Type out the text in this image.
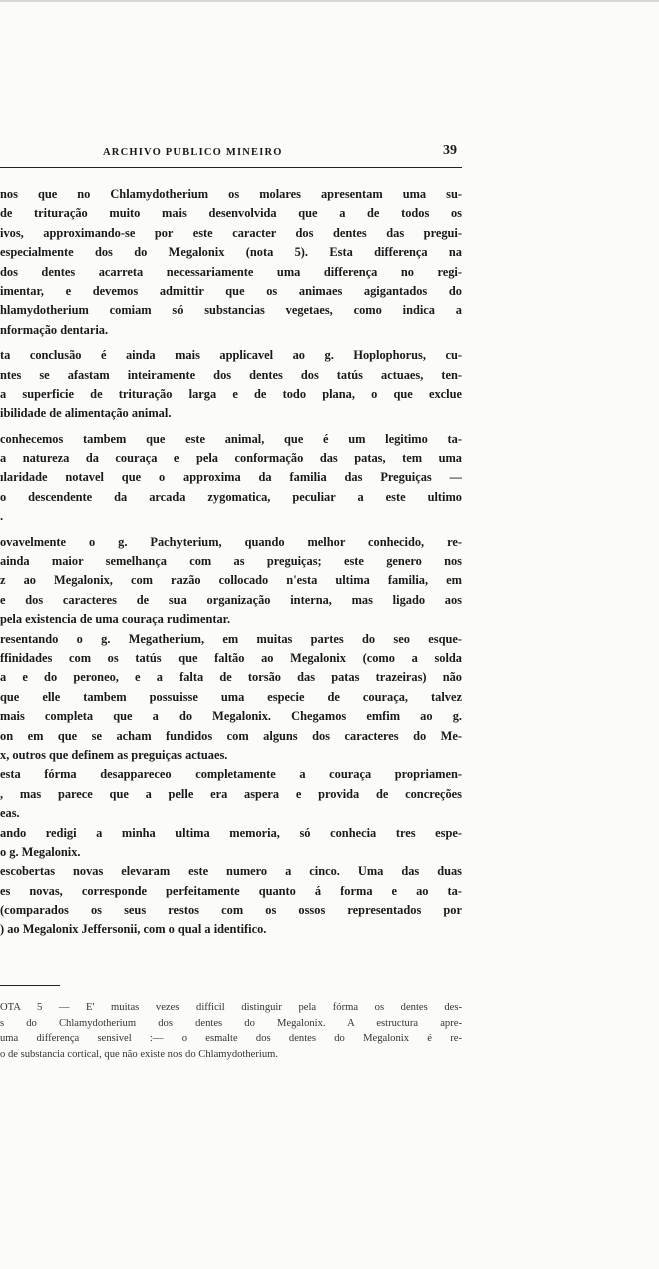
ARCHIVO PUBLICO MINEIRO	39
nos que no Chlamydotherium os molares apresentam uma su-
de trituração muito mais desenvolvida que a de todos os
ivos, approximando-se por este caracter dos dentes das pregui-
especialmente dos do Megalonix (nota 5). Esta differença na
dos dentes acarreta necessariamente uma differença no regi-
imentar, e devemos admittir que os animaes agigantados do
hlamydotherium comiam só substancias vegetaes, como indica a
nformação dentaria.
ta conclusão é ainda mais applicavel ao g. Hoplophorus, cu-
ntes se afastam inteiramente dos dentes dos tatús actuaes, ten-
a superficie de trituração larga e de todo plana, o que exclue
ibilidade de alimentação animal.
conhecemos tambem que este animal, que é um legitimo ta-
a natureza da couraça e pela conformação das patas, tem uma
ılaridade notavel que o approxima da familia das Preguiças —
o descendente da arcada zygomatica, peculiar a este ultimo
.
ovavelmente o g. Pachyterium, quando melhor conhecido, re-
ainda maior semelhança com as preguiças; este genero nos
z ao Megalonix, com razão collocado n'esta ultima familia, em
e dos caracteres de sua organização interna, mas ligado aos
pela existencia de uma couraça rudimentar.
resentando o g. Megatherium, em muitas partes do seo esque-
ffinidades com os tatús que faltão ao Megalonix (como a solda
a e do peroneo, e a falta de torsão das patas trazeiras) não
que elle tambem possuisse uma especie de couraça, talvez
mais completa que a do Megalonix. Chegamos emfim ao g.
on em que se acham fundidos com alguns dos caracteres do Me-
x, outros que definem as preguiças actuaes.
esta fórma desappareceo completamente a couraça propriamen-
, mas parece que a pelle era aspera e provida de concreções
eas.
ando redigi a minha ultima memoria, só conhecia tres espe-
o g. Megalonix.
escobertas novas elevaram este numero a cinco. Uma das duas
es novas, corresponde perfeitamente quanto á forma e ao ta-
(comparados os seus restos com os ossos representados por
) ao Megalonix Jeffersonii, com o qual a identifico.
OTA 5 — E' muitas vezes difficil distinguir pela fórma os dentes des-
s do Chlamydotherium dos dentes do Megalonix. A estructura apre-
uma differença sensivel :— o esmalte dos dentes do Megalonix é re-
o de substancia cortical, que não existe nos do Chlamydotherium.
